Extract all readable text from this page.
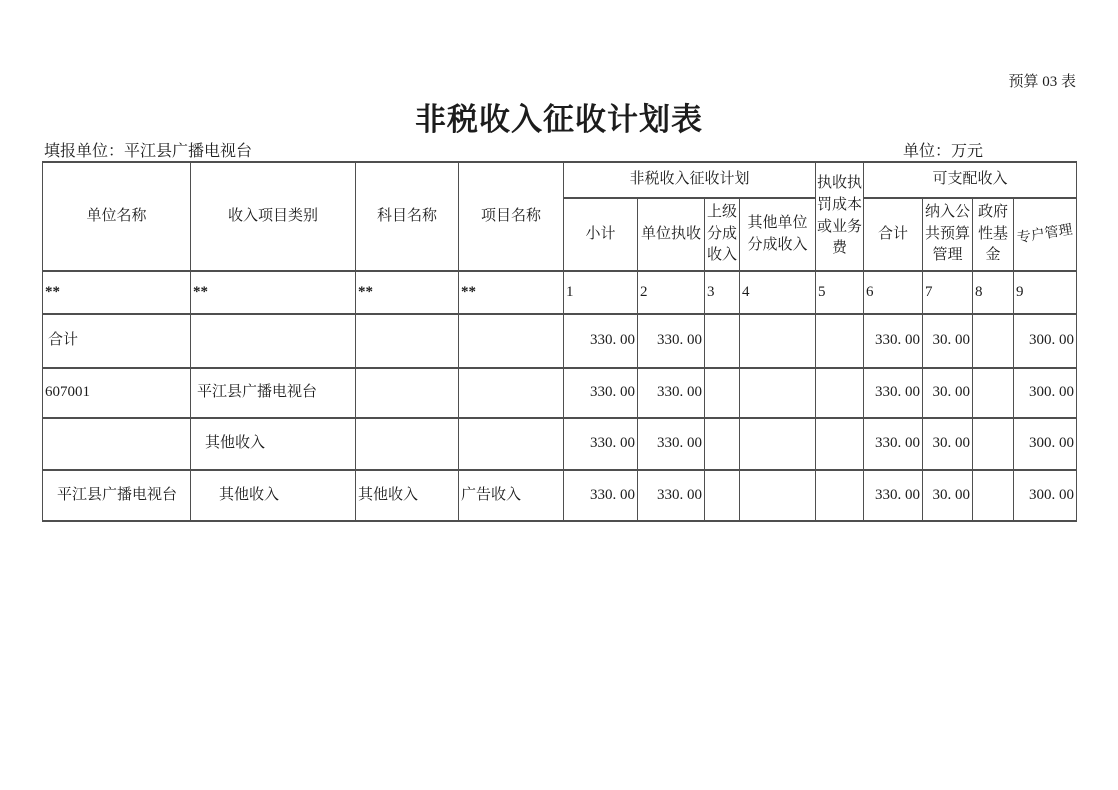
预算 03 表
非税收入征收计划表
填报单位：平江县广播电视台	单位：万元
单位名称	收入项目类别	科目名称	项目名称	非税收入征收计划				执收执罚成本或业务费	可支配收入			
				小计	单位执收	上级分成收入	其他单位分成收入		合计	纳入公共预算管理	政府性基金	专户管理
**	**	**	**	1	2	3	4	5	6	7	8	9
合计				330. 00	330. 00				330. 00	30. 00		300. 00
607001	平江县广播电视台			330. 00	330. 00				330. 00	30. 00		300. 00
	其他收入			330. 00	330. 00				330. 00	30. 00		300. 00
平江县广播电视台	其他收入	其他收入	广告收入	330. 00	330. 00				330. 00	30. 00		300. 00
